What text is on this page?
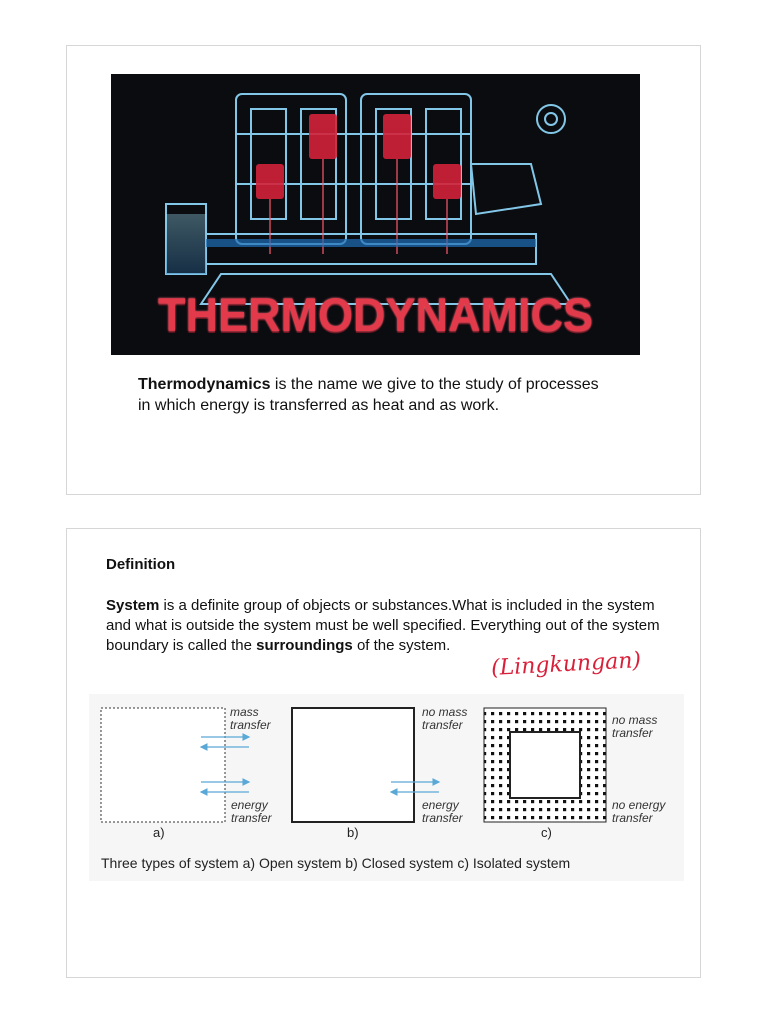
THERMODYNAMICS
Thermodynamics is the name we give to the study of processes in which energy is transferred as heat and as work.
Definition
System is a definite group of objects or substances.What is included in the system and what is outside the system must be well specified. Everything out of the system boundary is called the surroundings of the system.
(Lingkungan)
mass
transfer
energy
transfer
a)
no mass
transfer
energy
transfer
b)
no mass
transfer
no energy
transfer
c)
Three types of system a) Open system b) Closed system c) Isolated system
